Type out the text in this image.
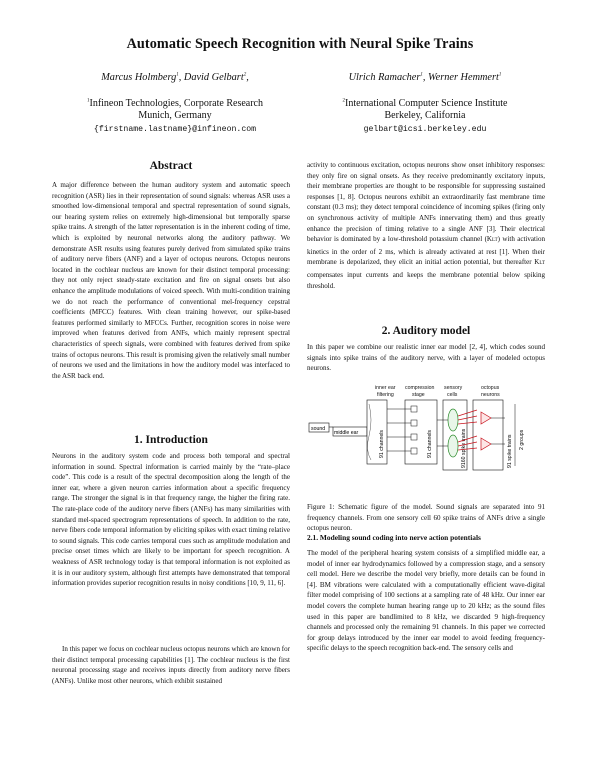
Automatic Speech Recognition with Neural Spike Trains
Marcus Holmberg$^1$, David Gelbart$^2$,	Ulrich Ramacher$^1$, Werner Hemmert$^1$
$^1$Infineon Technologies, Corporate Research
Munich, Germany
$^2$International Computer Science Institute
Berkeley, California
{firstname.lastname}@infineon.com	gelbart@icsi.berkeley.edu
Abstract
A major difference between the human auditory system and automatic speech recognition (ASR) lies in their representation of sound signals: whereas ASR uses a smoothed low-dimensional temporal and spectral representation of sound signals, our hearing system relies on extremely high-dimensional but temporally sparse spike trains. A strength of the latter representation is in the inherent coding of time, which is exploited by neuronal networks along the auditory pathway. We demonstrate ASR results using features purely derived from simulated spike trains of auditory nerve fibers (ANF) and a layer of octopus neurons. Octopus neurons located in the cochlear nucleus are known for their distinct temporal processing: they not only reject steady-state excitation and fire on signal onsets but also enhance the amplitude modulations of voiced speech. With multi-condition training we do not reach the performance of conventional mel-frequency cepstral coefficients (MFCC) features. With clean training however, our spike-based features performed similarly to MFCCs. Further, recognition scores in noise were improved when features derived from ANFs, which mainly represent spectral characteristics of speech signals, were combined with features derived from spike trains of octopus neurons. This result is promising given the relatively small number of neurons we used and the limitations in how the auditory model was interfaced to the ASR back end.
1. Introduction
Neurons in the auditory system code and process both temporal and spectral information in sound. Spectral information is carried mainly by the “rate–place code”. This code is a result of the spectral decomposition along the length of the inner ear, where a given neuron carries information about a specific frequency range. The stronger the signal is in that frequency range, the higher the firing rate. The rate-place code of the auditory nerve fibers (ANFs) has many similarities with standard mel-spaced spectrogram representations of speech. In addition to the rate, nerve fibers code temporal information by eliciting spikes with exact timing relative to sound signals. This code carries temporal cues such as amplitude modulation and precise onset times which are likely to be important for speech recognition. A weakness of ASR technology today is that temporal information is not exploited as it is in our auditory system, although first attempts have demonstrated that temporal information provides superior recognition results in noisy conditions [10, 9, 11, 6].
In this paper we focus on cochlear nucleus octopus neurons which are known for their distinct temporal processing capabilities [1]. The cochlear nucleus is the first neuronal processing stage and receives inputs directly from auditory nerve fibers (ANFs). Unlike most other neurons, which exhibit sustained
activity to continuous excitation, octopus neurons show onset inhibitory responses: they only fire on signal onsets. As they receive predominantly excitatory inputs, their membrane properties are thought to be responsible for suppressing sustained responses [1, 8]. Octopus neurons exhibit an extraordinarily fast membrane time constant (0.3 ms); they detect temporal coincidence of incoming spikes (firing only on synchronous activity of multiple ANFs innervating them) and thus greatly enhance the precision of timing relative to a single ANF [3]. Their electrical behavior is dominated by a low-threshold potassium channel (KLT) with activation kinetics in the order of 2 ms, which is already activated at rest [1]. When their membrane is depolarized, they elicit an initial action potential, but thereafter KLT compensates input currents and keeps the membrane potential below spiking threshold.
2. Auditory model
In this paper we combine our realistic inner ear model [2, 4], which codes sound signals into spike trains of the auditory nerve, with a layer of modeled octopus neurons.
inner ear
filtering
compression
stage
sensory
cells
octopus
neurons
sound
middle ear	91 channels	91 channels	9160 spike trains	91 spike trains 2 groups
Figure 1: Schematic figure of the model. Sound signals are separated into 91 frequency channels. From one sensory cell 60 spike trains of ANFs drive a single octopus neuron.
2.1. Modeling sound coding into nerve action potentials
The model of the peripheral hearing system consists of a simplified middle ear, a model of inner ear hydrodynamics followed by a compression stage, and a sensory cell model. Here we describe the model very briefly, more details can be found in [4]. BM vibrations were calculated with a computationally efficient wave-digital filter model comprising of 100 sections at a sampling rate of 48 kHz. Our inner ear model covers the complete human hearing range up to 20 kHz; as the sound files used in this paper are bandlimited to 8 kHz, we discarded 9 high-frequency channels and processed only the remaining 91 channels. In this paper we corrected for group delays introduced by the inner ear model to avoid feeding frequency-specific delays to the speech recognition back-end. The sensory cells and
